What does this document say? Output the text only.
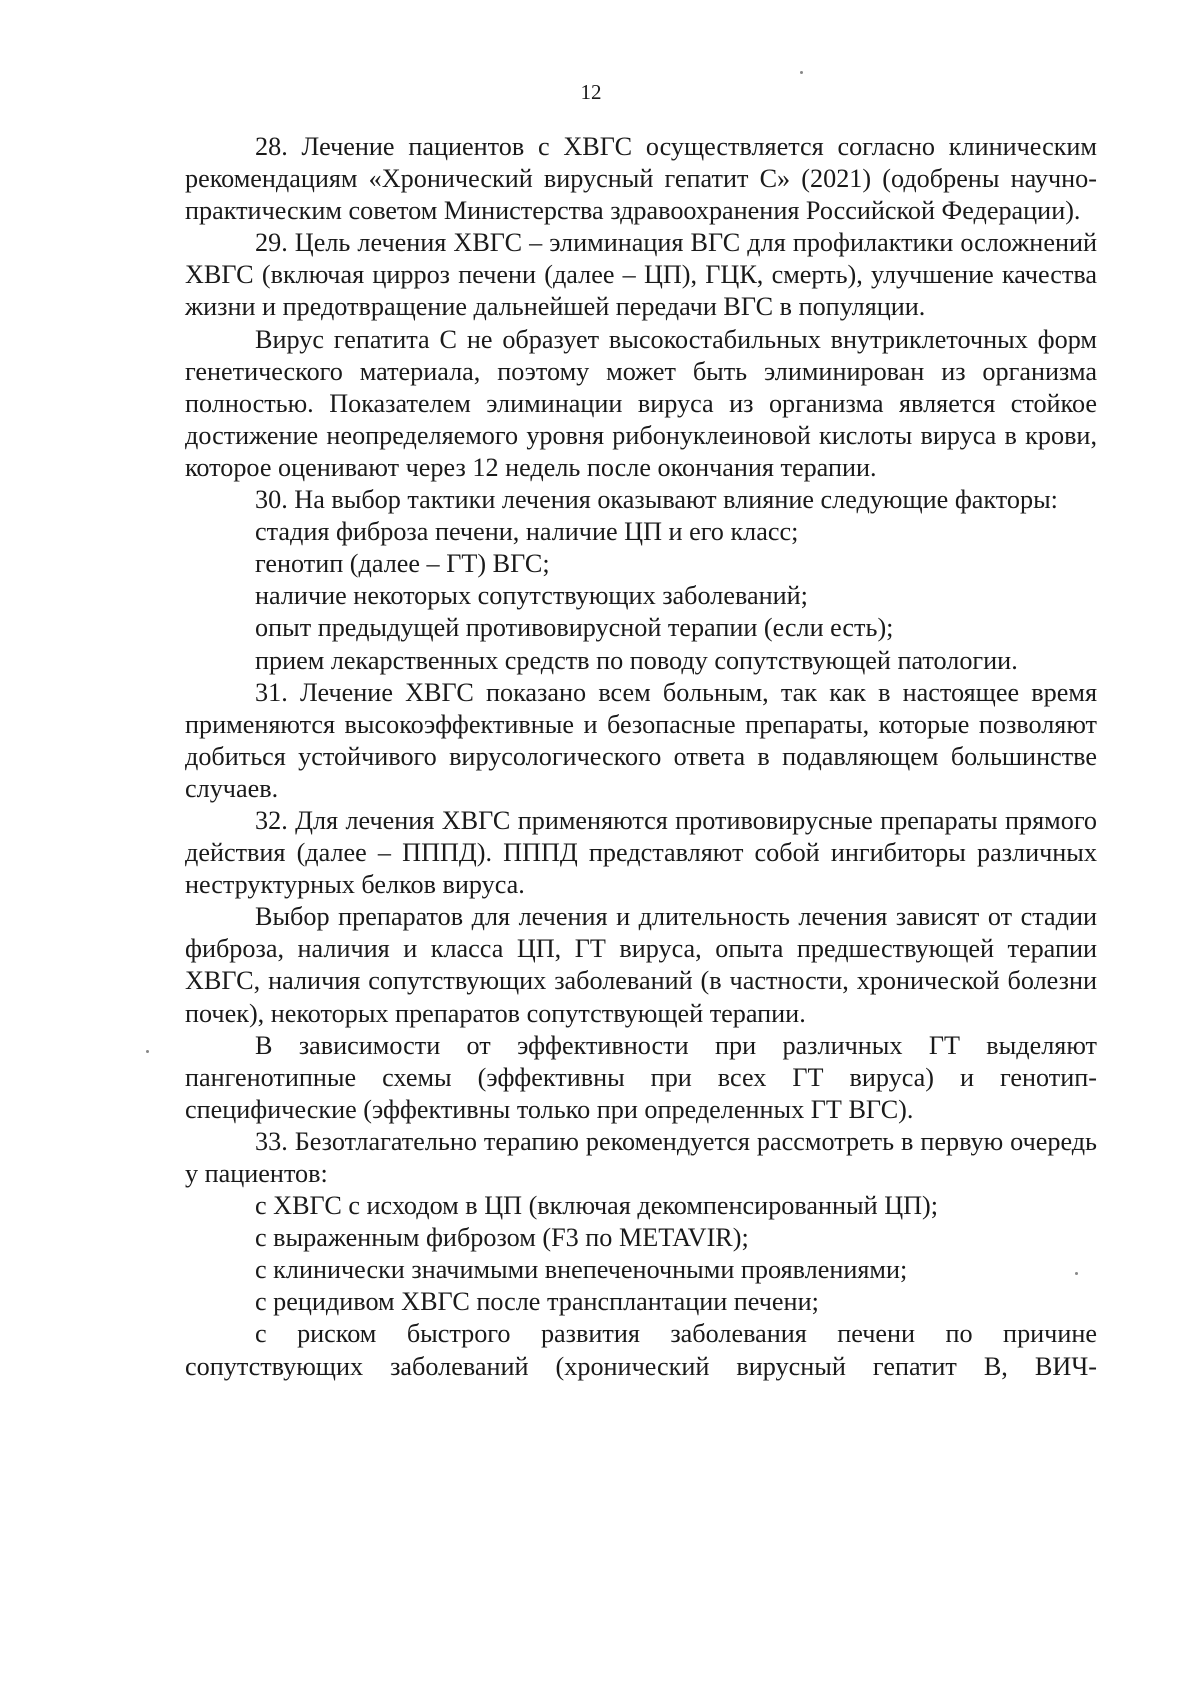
12

28. Лечение пациентов с ХВГС осуществляется согласно клиническим рекомендациям «Хронический вирусный гепатит С» (2021) (одобрены научно-практическим советом Министерства здравоохранения Российской Федерации).

29. Цель лечения ХВГС – элиминация ВГС для профилактики осложнений ХВГС (включая цирроз печени (далее – ЦП), ГЦК, смерть), улучшение качества жизни и предотвращение дальнейшей передачи ВГС в популяции.

Вирус гепатита С не образует высокостабильных внутриклеточных форм генетического материала, поэтому может быть элиминирован из организма полностью. Показателем элиминации вируса из организма является стойкое достижение неопределяемого уровня рибонуклеиновой кислоты вируса в крови, которое оценивают через 12 недель после окончания терапии.

30. На выбор тактики лечения оказывают влияние следующие факторы:

стадия фиброза печени, наличие ЦП и его класс;

генотип (далее – ГТ) ВГС;

наличие некоторых сопутствующих заболеваний;

опыт предыдущей противовирусной терапии (если есть);

прием лекарственных средств по поводу сопутствующей патологии.

31. Лечение ХВГС показано всем больным, так как в настоящее время применяются высокоэффективные и безопасные препараты, которые позволяют добиться устойчивого вирусологического ответа в подавляющем большинстве случаев.

32. Для лечения ХВГС применяются противовирусные препараты прямого действия (далее – ПППД). ПППД представляют собой ингибиторы различных неструктурных белков вируса.

Выбор препаратов для лечения и длительность лечения зависят от стадии фиброза, наличия и класса ЦП, ГТ вируса, опыта предшествующей терапии ХВГС, наличия сопутствующих заболеваний (в частности, хронической болезни почек), некоторых препаратов сопутствующей терапии.

В зависимости от эффективности при различных ГТ выделяют пангенотипные схемы (эффективны при всех ГТ вируса) и генотип-специфические (эффективны только при определенных ГТ ВГС).

33. Безотлагательно терапию рекомендуется рассмотреть в первую очередь у пациентов:

с ХВГС с исходом в ЦП (включая декомпенсированный ЦП);

с выраженным фиброзом (F3 по METAVIR);

с клинически значимыми внепеченочными проявлениями;

с рецидивом ХВГС после трансплантации печени;

с риском быстрого развития заболевания печени по причине сопутствующих заболеваний (хронический вирусный гепатит В, ВИЧ-
